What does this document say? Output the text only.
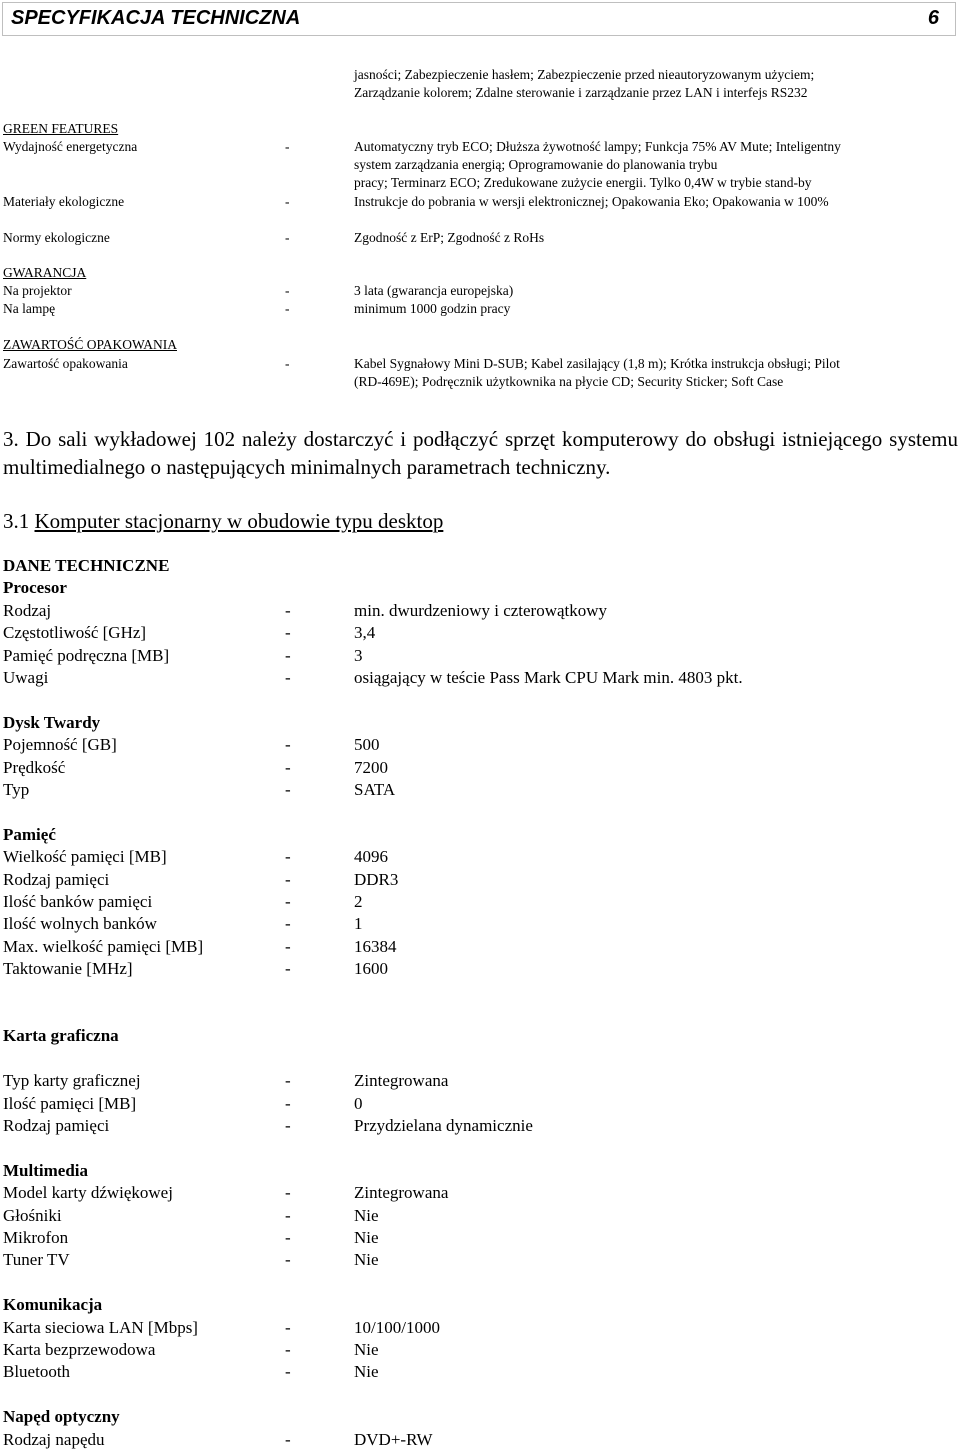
SPECYFIKACJA TECHNICZNA	6
jasności; Zabezpieczenie hasłem; Zabezpieczenie przed nieautoryzowanym użyciem;
Zarządzanie kolorem; Zdalne sterowanie i zarządzanie przez LAN i interfejs RS232
GREEN FEATURES
Wydajność energetyczna	-	Automatyczny tryb ECO; Dłuższa żywotność lampy; Funkcja 75% AV Mute; Inteligentny
system zarządzania energią; Oprogramowanie do planowania trybu
pracy; Terminarz ECO; Zredukowane zużycie energii. Tylko 0,4W w trybie stand-by
Materiały ekologiczne	-	Instrukcje do pobrania w wersji elektronicznej; Opakowania Eko; Opakowania w 100%
Normy ekologiczne	-	Zgodność z ErP; Zgodność z RoHs
GWARANCJA
Na projektor	-	3 lata (gwarancja europejska)
Na lampę	-	minimum 1000 godzin pracy
ZAWARTOŚĆ OPAKOWANIA
Zawartość opakowania	-	Kabel Sygnałowy Mini D-SUB; Kabel zasilający (1,8 m); Krótka instrukcja obsługi; Pilot
(RD-469E); Podręcznik użytkownika na płycie CD; Security Sticker; Soft Case
3. Do sali wykładowej 102 należy dostarczyć i podłączyć sprzęt komputerowy do obsługi istniejącego systemu multimedialnego o następujących minimalnych parametrach techniczny.
3.1 Komputer stacjonarny w obudowie typu desktop
DANE TECHNICZNE
Procesor
Rodzaj	-	min. dwurdzeniowy i czterowątkowy
Częstotliwość [GHz]	-	3,4
Pamięć podręczna [MB]	-	3
Uwagi	-	osiągający w teście Pass Mark CPU Mark min. 4803 pkt.
Dysk Twardy
Pojemność [GB]	-	500
Prędkość	-	7200
Typ	-	SATA
Pamięć
Wielkość pamięci [MB]	-	4096
Rodzaj pamięci	-	DDR3
Ilość banków pamięci	-	2
Ilość wolnych banków	-	1
Max. wielkość pamięci [MB]	-	16384
Taktowanie [MHz]	-	1600
Karta graficzna
Typ karty graficznej	-	Zintegrowana
Ilość pamięci [MB]	-	0
Rodzaj pamięci	-	Przydzielana dynamicznie
Multimedia
Model karty dźwiękowej	-	Zintegrowana
Głośniki	-	Nie
Mikrofon	-	Nie
Tuner TV	-	Nie
Komunikacja
Karta sieciowa LAN [Mbps]	-	10/100/1000
Karta bezprzewodowa	-	Nie
Bluetooth	-	Nie
Napęd optyczny
Rodzaj napędu	-	DVD+-RW
